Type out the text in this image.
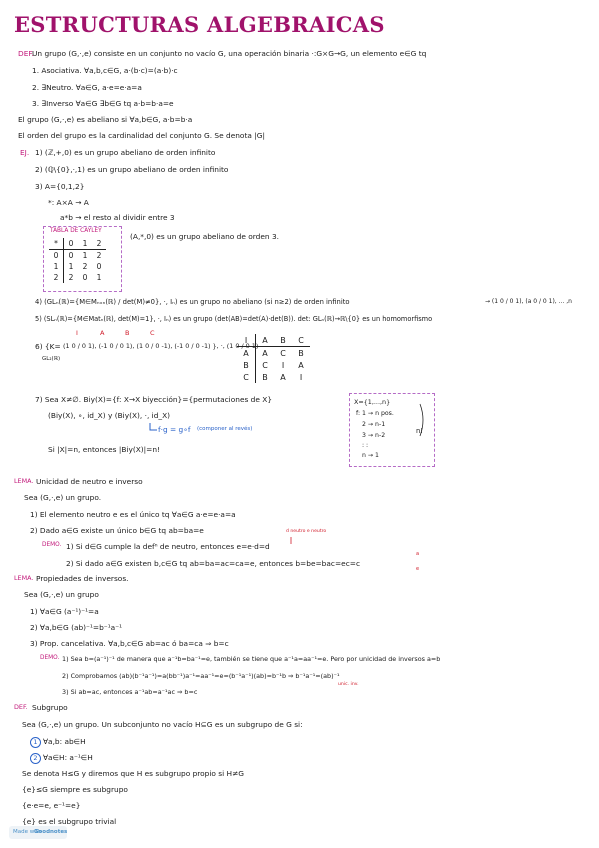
ESTRUCTURAS ALGEBRAICAS
DEF.
Un grupo (G,·,e) consiste en un conjunto no vacío G, una operación binaria ·:G×G→G, un elemento e∈G tq
1. Asociativa. ∀a,b,c∈G, a·(b·c)=(a·b)·c
2. ∃Neutro. ∀a∈G, a·e=e·a=a
3. ∃Inverso ∀a∈G ∃b∈G tq a·b=b·a=e
El grupo (G,·,e) es abeliano si ∀a,b∈G, a·b=b·a
El orden del grupo es la cardinalidad del conjunto G. Se denota |G|
EJ. 1) (ℤ,+,0) es un grupo abeliano de orden infinito
2) (ℚ\{0},·,1) es un grupo abeliano de orden infinito
3) A={0,1,2}
*: A×A → A
a*b → el resto al dividir entre 3
TABLA DE CAYLEY
*	0	1	2
0	0	1	2
1	1	2	0
2	2	0	1
(A,*,0) es un grupo abeliano de orden 3.
4) (GLₙ(ℝ)={M∈Mₙₓₙ(ℝ) / det(M)≠0}, ·, Iₙ) es un grupo no abeliano (si n≥2) de orden infinito	→ (1 0 / 0 1), (a 0 / 0 1), ... ,n
5) (SLₙ(ℝ)={M∈Matₙ(ℝ), det(M)=1}, ·, Iₙ) es un grupo (det(AB)=det(A)·det(B)). det: GLₙ(ℝ)→ℝ\{0} es un homomorfismo
I	A	B	C
6) {K= (1 0 / 0 1), (-1 0 / 0 1), (1 0 / 0 -1), (-1 0 / 0 -1) }, ·, (1 0 / 0 1)
GL₂(ℝ)
I	A	B	C
A	A	C	B
B	C	I	A
C	B	A	I
7) Sea X≠∅. Biy(X)={f: X→X biyección}={permutaciones de X}
(Biy(X), ∘, id_X) y (Biy(X), ·, id_X)
f·g = g∘f (componer al revés)
Si |X|=n, entonces |Biy(X)|=n!
X={1,...,n}
f: 1 → n pos.
2 → n-1
3 → n-2
: :
n → 1
n!
LEMA. Unicidad de neutro e inverso
Sea (G,·,e) un grupo.
1) El elemento neutro e es el único tq ∀a∈G a·e=e·a=a
2) Dado a∈G existe un único b∈G tq ab=ba=e	d neutro e neutro
DEMO. 1) Si d∈G cumple la defⁿ de neutro, entonces e=e·d=d
2) Si dado a∈G existen b,c∈G tq ab=ba=ac=ca=e, entonces b=be=bac=ec=c
a
e
LEMA. Propiedades de inversos.
Sea (G,·,e) un grupo
1) ∀a∈G (a⁻¹)⁻¹=a
2) ∀a,b∈G (ab)⁻¹=b⁻¹a⁻¹
3) Prop. cancelativa. ∀a,b,c∈G ab=ac ó ba=ca ⇒ b=c
DEMO. 1) Sea b=(a⁻¹)⁻¹ de manera que a⁻¹b=ba⁻¹=e, también se tiene que a⁻¹a=aa⁻¹=e. Pero por unicidad de inversos a=b
2) Comprobamos (ab)(b⁻¹a⁻¹)=a(bb⁻¹)a⁻¹=aa⁻¹=e=(b⁻¹a⁻¹)(ab)=b⁻¹b ⇒ b⁻¹a⁻¹=(ab)⁻¹
unic. inv.
3) Si ab=ac, entonces a⁻¹ab=a⁻¹ac ⇒ b=c
DEF. Subgrupo
Sea (G,·,e) un grupo. Un subconjunto no vacío H⊆G es un subgrupo de G si:
1 ∀a,b: ab∈H
2 ∀a∈H: a⁻¹∈H
Se denota H≤G y diremos que H es subgrupo propio si H≠G
{e}≤G siempre es subgrupo
{e·e=e, e⁻¹=e}
{e} es el subgrupo trivial
Made with
Goodnotes
